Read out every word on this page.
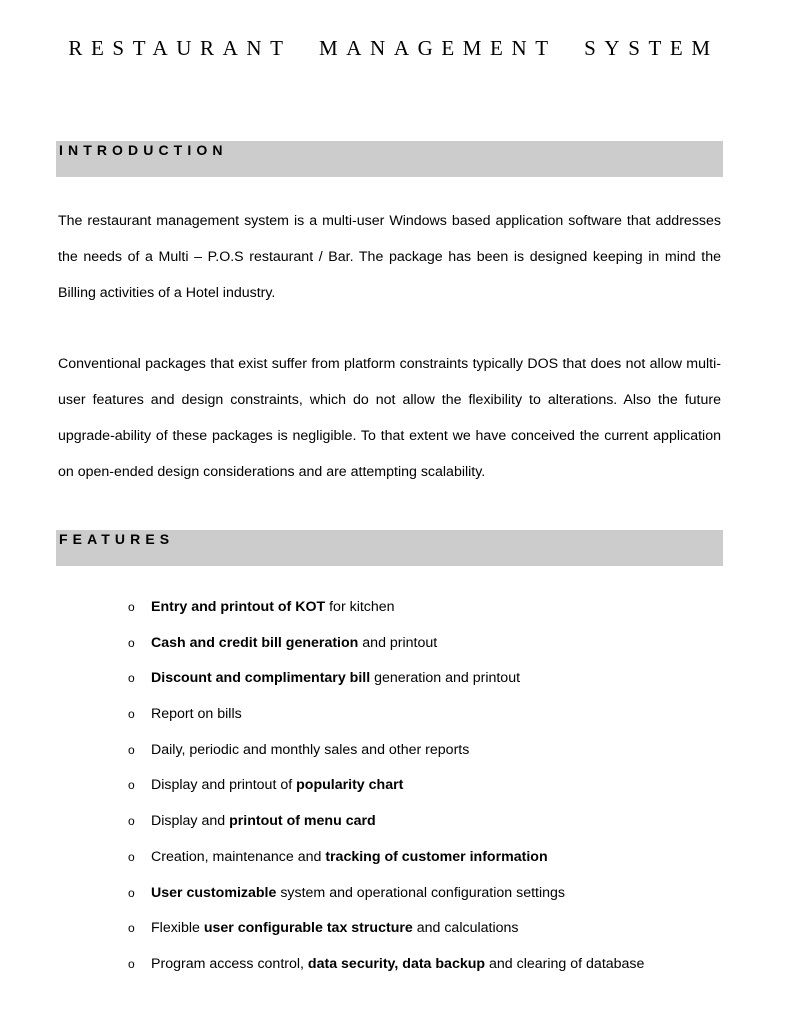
RESTAURANT MANAGEMENT SYSTEM
INTRODUCTION

The restaurant management system is a multi-user Windows based application software that addresses the needs of a Multi – P.O.S restaurant / Bar. The package has been is designed keeping in mind the Billing activities of a Hotel industry.

Conventional packages that exist suffer from platform constraints typically DOS that does not allow multi-user features and design constraints, which do not allow the flexibility to alterations. Also the future upgrade-ability of these packages is negligible. To that extent we have conceived the current application on open-ended design considerations and are attempting scalability.

FEATURES
o Entry and printout of KOT for kitchen
o Cash and credit bill generation and printout
o Discount and complimentary bill generation and printout
o Report on bills
o Daily, periodic and monthly sales and other reports
o Display and printout of popularity chart
o Display and printout of menu card
o Creation, maintenance and tracking of customer information
o User customizable system and operational configuration settings
o Flexible user configurable tax structure and calculations
o Program access control, data security, data backup and clearing of database
